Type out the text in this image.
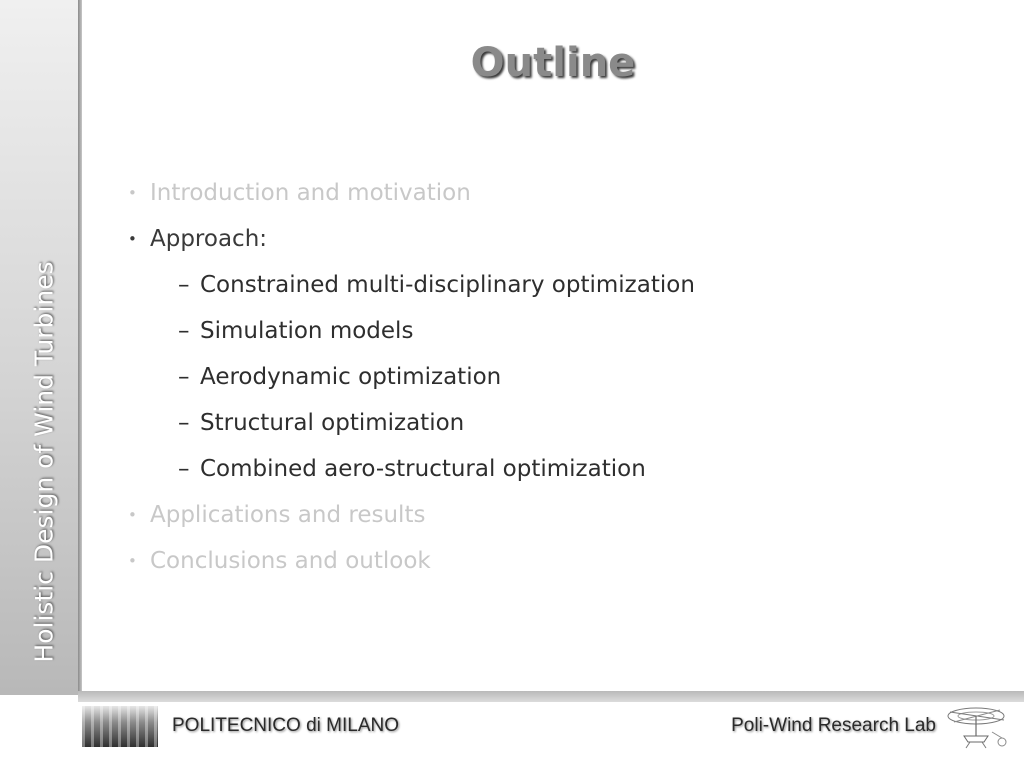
Holistic Design of Wind Turbines
Outline
• Introduction and motivation
• Approach:
– Constrained multi-disciplinary optimization
– Simulation models
– Aerodynamic optimization
– Structural optimization
– Combined aero-structural optimization
• Applications and results
• Conclusions and outlook
POLITECNICO di MILANO	Poli-Wind Research Lab
